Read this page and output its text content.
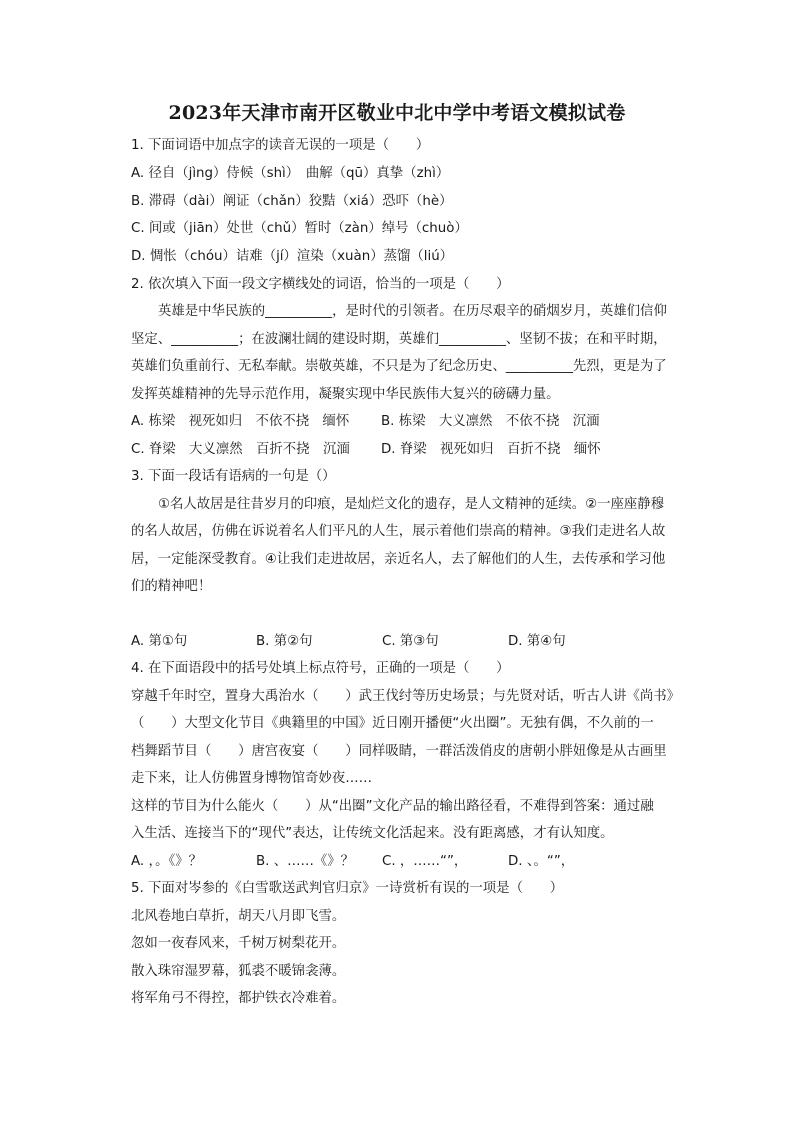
2023年天津市南开区敬业中北中学中考语文模拟试卷
1. 下面词语中加点字的读音无误的一项是（　　）
A. 径自（jìng）侍候（shì）　曲解（qū）真挚（zhì）
B. 滞碍（dài）阐证（chǎn）狡黠（xiá）恐吓（hè）
C. 间或（jiān）处世（chǔ）暂时（zàn）绰号（chuò）
D. 惆怅（chóu）诘难（jí）渲染（xuàn）蒸馏（liú）
2. 依次填入下面一段文字横线处的词语，恰当的一项是（　　）
英雄是中华民族的__________，是时代的引领者。在历尽艰辛的硝烟岁月，英雄们信仰
坚定、__________；在波澜壮阔的建设时期，英雄们__________、坚韧不拔；在和平时期，
英雄们负重前行、无私奉献。崇敬英雄，不只是为了纪念历史、__________先烈，更是为了
发挥英雄精神的先导示范作用，凝聚实现中华民族伟大复兴的磅礴力量。
A. 栋梁　视死如归　不依不挠　缅怀 B. 栋梁　大义凛然　不依不挠　沉湎
C. 脊梁　大义凛然　百折不挠　沉湎 D. 脊梁　视死如归　百折不挠　缅怀
3. 下面一段话有语病的一句是（）
①名人故居是往昔岁月的印痕，是灿烂文化的遗存，是人文精神的延续。②一座座静穆
的名人故居，仿佛在诉说着名人们平凡的人生，展示着他们崇高的精神。③我们走进名人故
居，一定能深受教育。④让我们走进故居，亲近名人，去了解他们的人生，去传承和学习他
们的精神吧！
A. 第①句	B. 第②句	C. 第③句	D. 第④句
4. 在下面语段中的括号处填上标点符号，正确的一项是（　　）
穿越千年时空，置身大禹治水（　　）武王伐纣等历史场景；与先贤对话，听古人讲《尚书》
（　　）大型文化节目《典籍里的中国》近日刚开播便“火出圈”。无独有偶，不久前的一
档舞蹈节目（　　）唐宫夜宴（　　）同样吸睛，一群活泼俏皮的唐朝小胖妞像是从古画里
走下来，让人仿佛置身博物馆奇妙夜……
这样的节目为什么能火（　　）从“出圈”文化产品的输出路径看，不难得到答案：通过融
入生活、连接当下的“现代”表达，让传统文化活起来。没有距离感，才有认知度。
A. ，。《》？	B. 、……《》？ C. ，……“”，	D. 、。“”，
5. 下面对岑参的《白雪歌送武判官归京》一诗赏析有误的一项是（　　）
北风卷地白草折，胡天八月即飞雪。
忽如一夜春风来，千树万树梨花开。
散入珠帘湿罗幕，狐裘不暖锦衾薄。
将军角弓不得控，都护铁衣冷难着。
